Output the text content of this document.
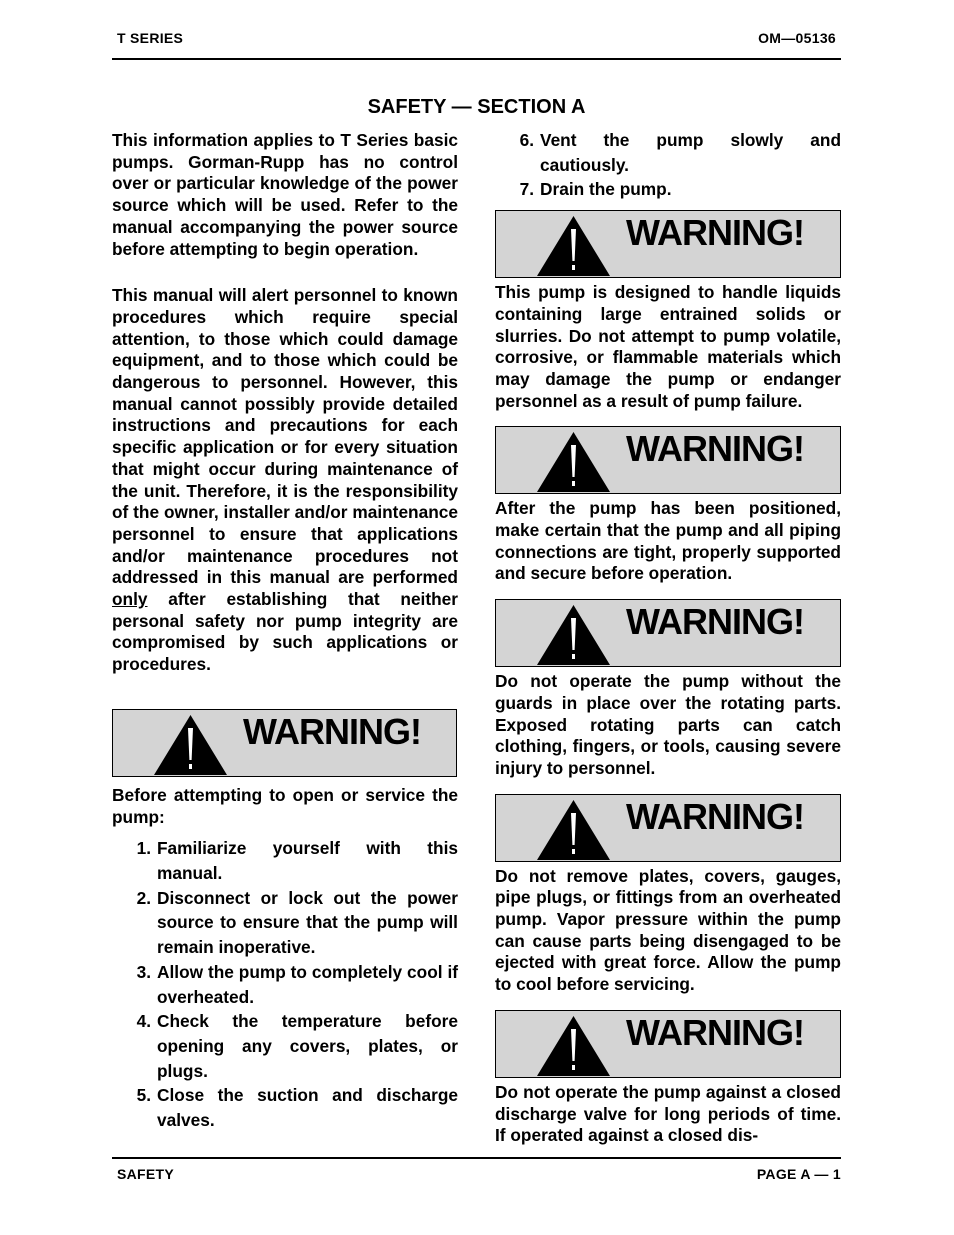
T SERIES	OM—05136
SAFETY — SECTION A

This information applies to T Series basic pumps. Gorman-Rupp has no control over or particular knowledge of the power source which will be used. Refer to the manual accompanying the power source before attempting to begin operation.

This manual will alert personnel to known procedures which require special attention, to those which could damage equipment, and to those which could be dangerous to personnel. However, this manual cannot possibly provide detailed instructions and precautions for each specific application or for every situation that might occur during maintenance of the unit. Therefore, it is the responsibility of the owner, installer and/or maintenance personnel to ensure that applications and/or maintenance procedures not addressed in this manual are performed only after establishing that neither personal safety nor pump integrity are compromised by such applications or procedures.

WARNING!

Before attempting to open or service the pump:

1. Familiarize yourself with this manual.
2. Disconnect or lock out the power source to ensure that the pump will remain inoperative.
3. Allow the pump to completely cool if overheated.
4. Check the temperature before opening any covers, plates, or plugs.
5. Close the suction and discharge valves.
6. Vent the pump slowly and cautiously.
7. Drain the pump.
WARNING!

This pump is designed to handle liquids containing large entrained solids or slurries. Do not attempt to pump volatile, corrosive, or flammable materials which may damage the pump or endanger personnel as a result of pump failure.

WARNING!

After the pump has been positioned, make certain that the pump and all piping connections are tight, properly supported and secure before operation.

WARNING!

Do not operate the pump without the guards in place over the rotating parts. Exposed rotating parts can catch clothing, fingers, or tools, causing severe injury to personnel.

WARNING!

Do not remove plates, covers, gauges, pipe plugs, or fittings from an overheated pump. Vapor pressure within the pump can cause parts being disengaged to be ejected with great force. Allow the pump to cool before servicing.

WARNING!

Do not operate the pump against a closed discharge valve for long periods of time. If operated against a closed dis-

SAFETY	PAGE A — 1
